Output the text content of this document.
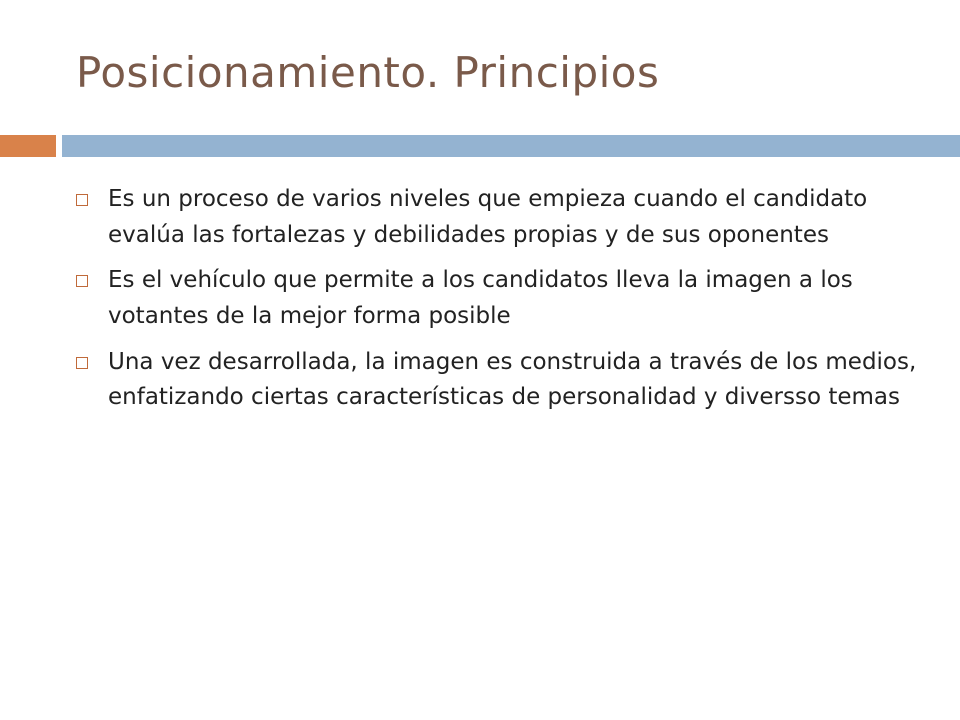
Posicionamiento. Principios
Es un proceso de varios niveles que empieza cuando el candidato evalúa las fortalezas y debilidades propias y de sus oponentes
Es el vehículo que permite a los candidatos lleva la imagen a los votantes de la mejor forma posible
Una vez desarrollada, la imagen es construida a través de los medios, enfatizando ciertas características de personalidad y diversso temas
